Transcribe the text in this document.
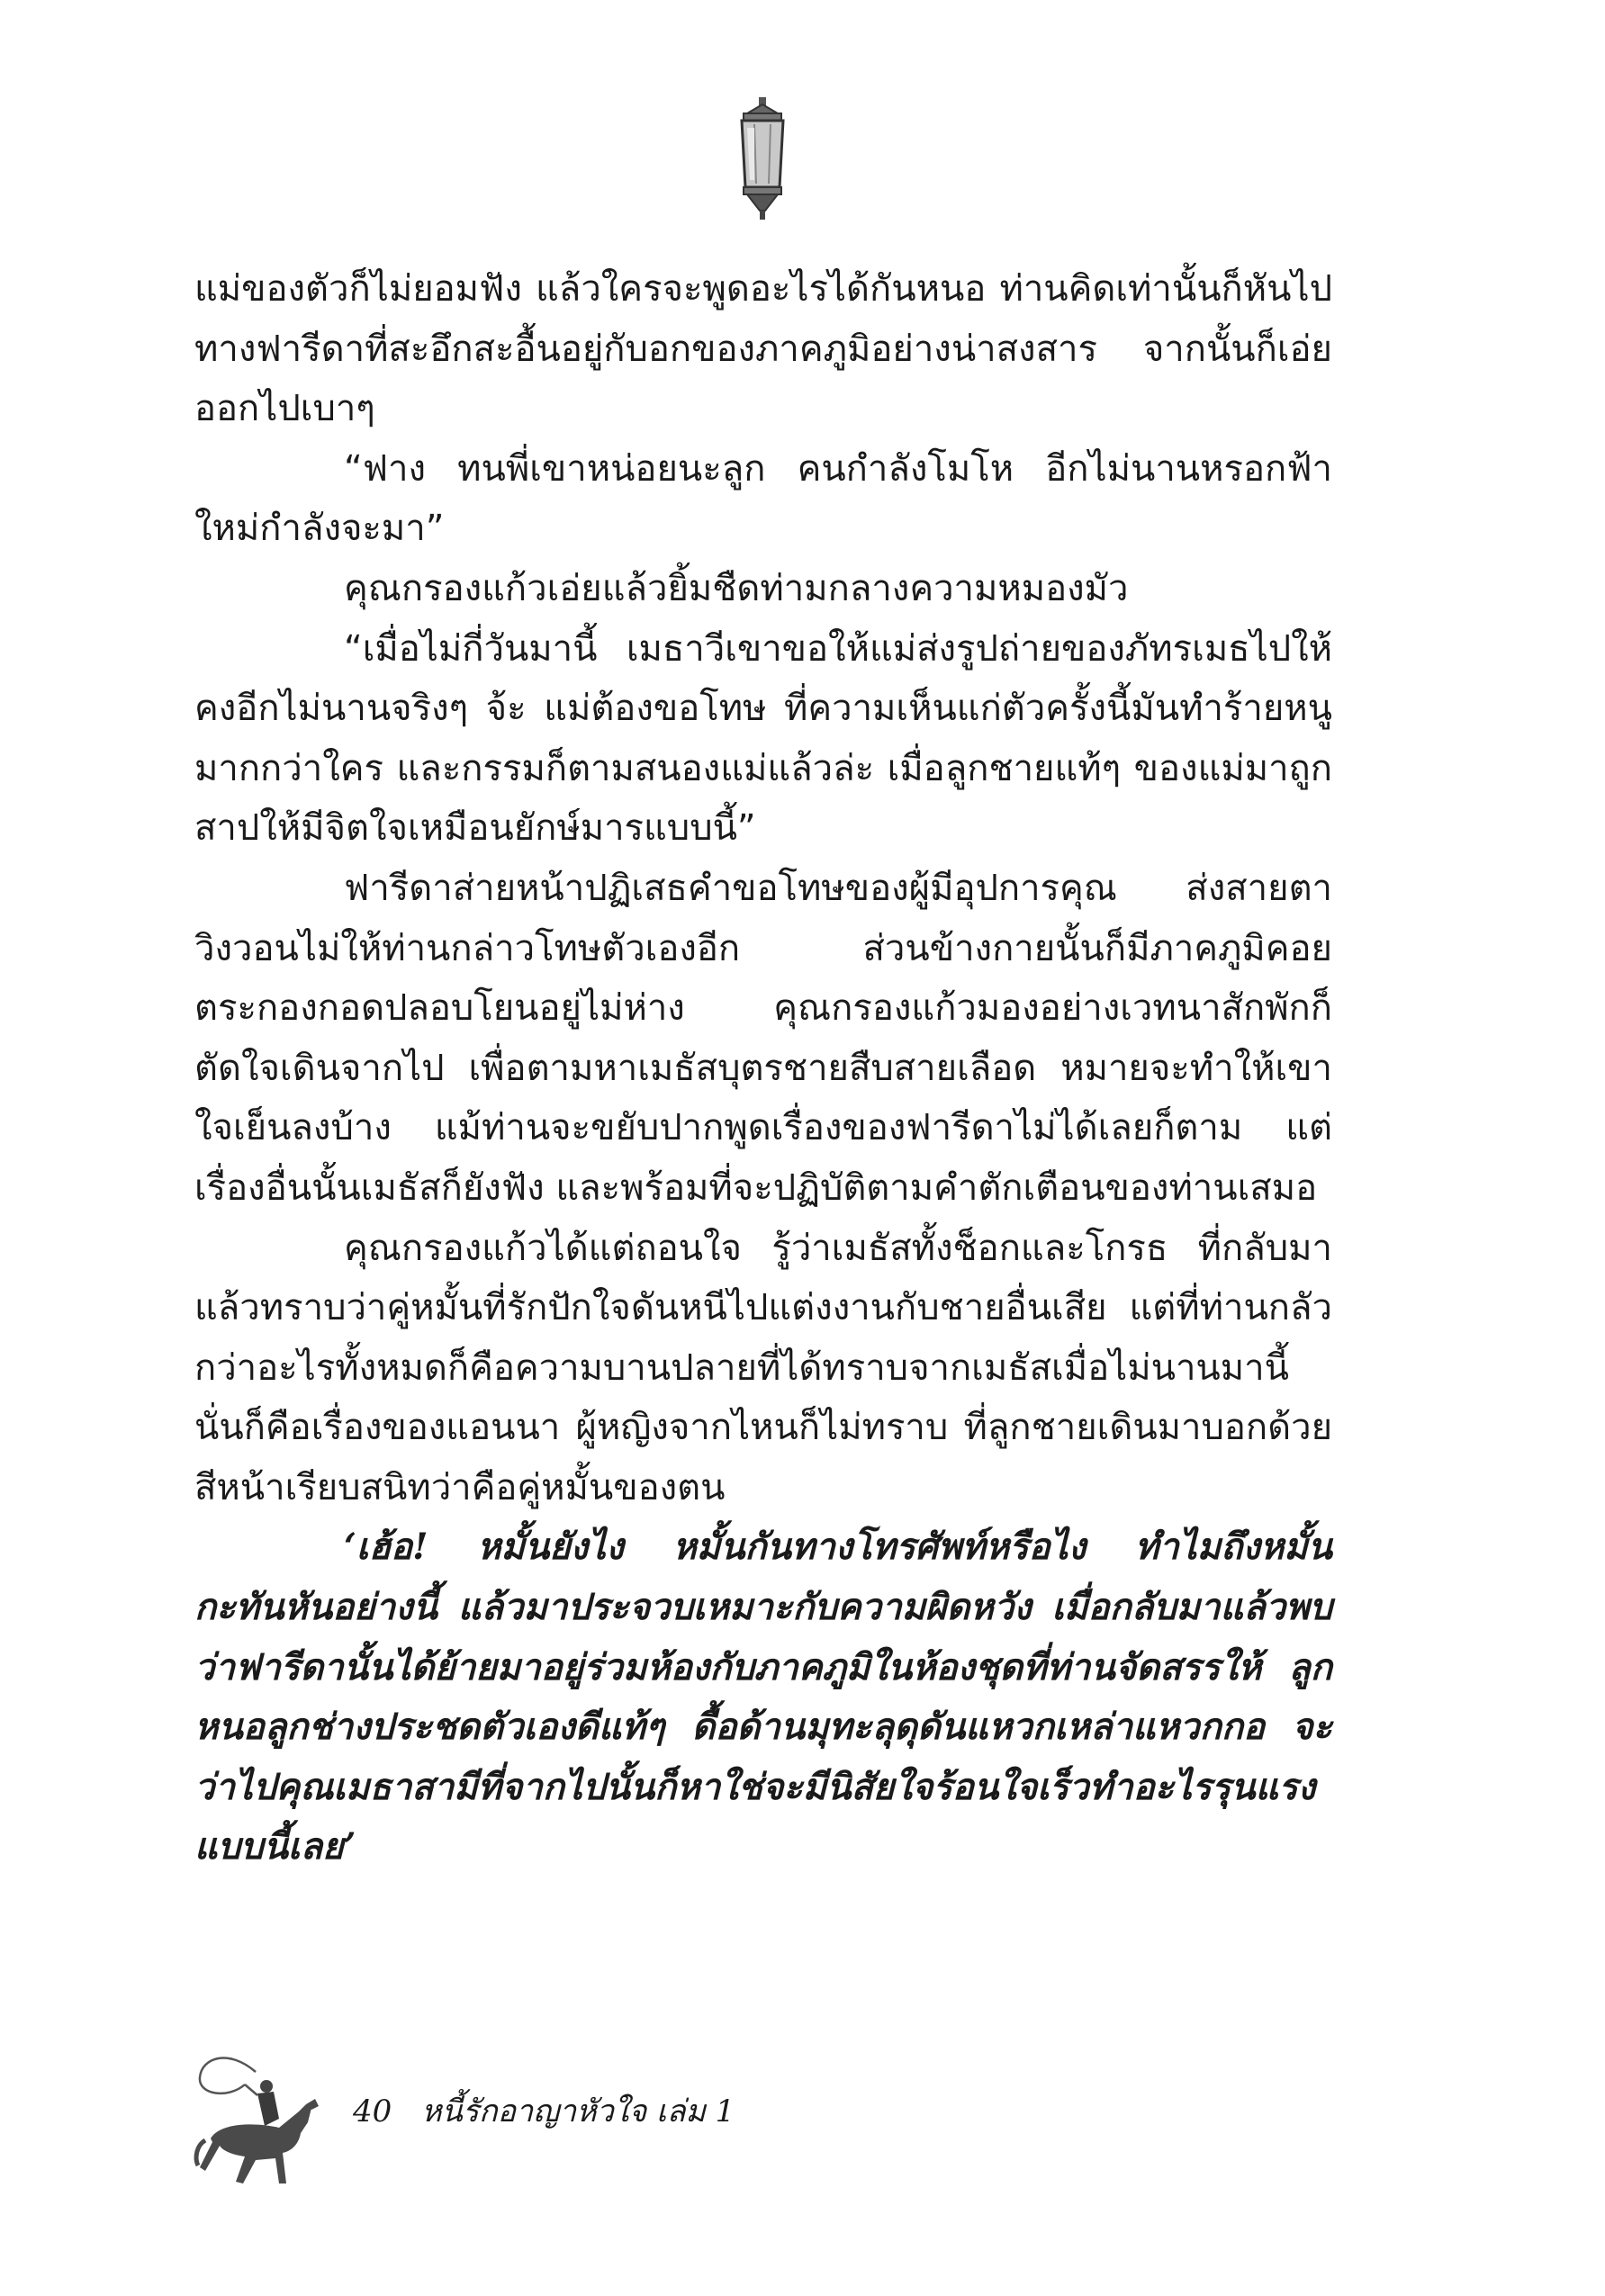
แม่ของตัวก็ไม่ยอมฟัง แล้วใครจะพูดอะไรได้กันหนอ ท่านคิดเท่านั้นก็หันไปทางฟารีดาที่สะอึกสะอื้นอยู่กับอกของภาคภูมิอย่างน่าสงสาร จากนั้นก็เอ่ยออกไปเบาๆ

“ฟาง ทนพี่เขาหน่อยนะลูก คนกำลังโมโห อีกไม่นานหรอกฟ้าใหม่กำลังจะมา”

คุณกรองแก้วเอ่ยแล้วยิ้มชืดท่ามกลางความหมองมัว

“เมื่อไม่กี่วันมานี้ เมธาวีเขาขอให้แม่ส่งรูปถ่ายของภัทรเมธไปให้ คงอีกไม่นานจริงๆ จ้ะ แม่ต้องขอโทษ ที่ความเห็นแก่ตัวครั้งนี้มันทำร้ายหนูมากกว่าใคร และกรรมก็ตามสนองแม่แล้วล่ะ เมื่อลูกชายแท้ๆ ของแม่มาถูกสาปให้มีจิตใจเหมือนยักษ์มารแบบนี้”

ฟารีดาส่ายหน้าปฏิเสธคำขอโทษของผู้มีอุปการคุณ ส่งสายตาวิงวอนไม่ให้ท่านกล่าวโทษตัวเองอีก ส่วนข้างกายนั้นก็มีภาคภูมิคอยตระกองกอดปลอบโยนอยู่ไม่ห่าง คุณกรองแก้วมองอย่างเวทนาสักพักก็ตัดใจเดินจากไป เพื่อตามหาเมธัสบุตรชายสืบสายเลือด หมายจะทำให้เขาใจเย็นลงบ้าง แม้ท่านจะขยับปากพูดเรื่องของฟารีดาไม่ได้เลยก็ตาม แต่เรื่องอื่นนั้นเมธัสก็ยังฟัง และพร้อมที่จะปฏิบัติตามคำตักเตือนของท่านเสมอ

คุณกรองแก้วได้แต่ถอนใจ รู้ว่าเมธัสทั้งช็อกและโกรธ ที่กลับมาแล้วทราบว่าคู่หมั้นที่รักปักใจดันหนีไปแต่งงานกับชายอื่นเสีย แต่ที่ท่านกลัวกว่าอะไรทั้งหมดก็คือความบานปลายที่ได้ทราบจากเมธัสเมื่อไม่นานมานี้ นั่นก็คือเรื่องของแอนนา ผู้หญิงจากไหนก็ไม่ทราบ ที่ลูกชายเดินมาบอกด้วยสีหน้าเรียบสนิทว่าคือคู่หมั้นของตน

‘เฮ้อ! หมั้นยังไง หมั้นกันทางโทรศัพท์หรือไง ทำไมถึงหมั้นกะทันหันอย่างนี้ แล้วมาประจวบเหมาะกับความผิดหวัง เมื่อกลับมาแล้วพบว่าฟารีดานั้นได้ย้ายมาอยู่ร่วมห้องกับภาคภูมิในห้องชุดที่ท่านจัดสรรให้ ลูกหนอลูกช่างประชดตัวเองดีแท้ๆ ดื้อด้านมุทะลุดุดันแหวกเหล่าแหวกกอ จะว่าไปคุณเมธาสามีที่จากไปนั้นก็หาใช่จะมีนิสัยใจร้อนใจเร็วทำอะไรรุนแรงแบบนี้เลย’

40 หนี้รักอาญาหัวใจ เล่ม 1
